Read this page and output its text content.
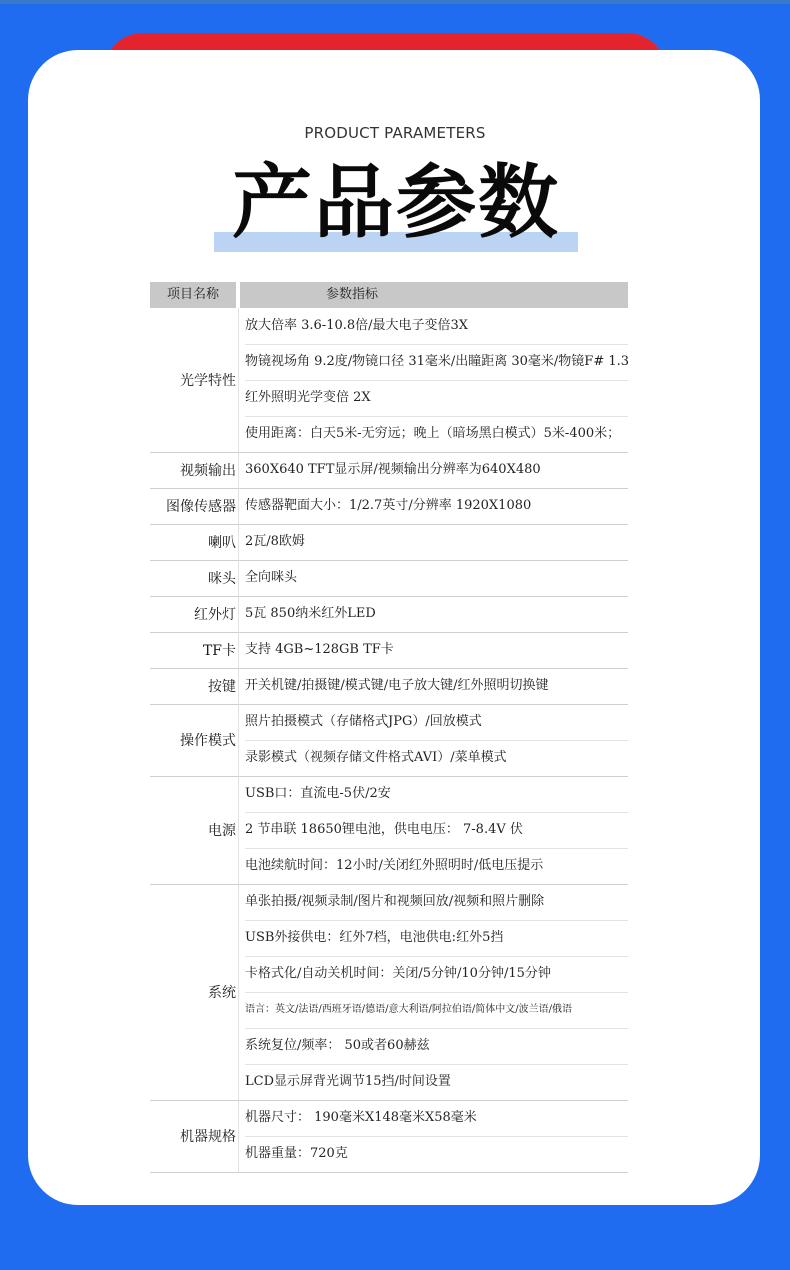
PRODUCT PARAMETERS
产品参数
项目名称	参数指标
光学特性
放大倍率 3.6-10.8倍/最大电子变倍3X
物镜视场角 9.2度/物镜口径 31毫米/出瞳距离 30毫米/物镜F# 1.3
红外照明光学变倍 2X
使用距离：白天5米-无穷远；晚上（暗场黑白模式）5米-400米；
视频输出 360X640 TFT显示屏/视频输出分辨率为640X480
图像传感器 传感器靶面大小：1/2.7英寸/分辨率 1920X1080
喇叭 2瓦/8欧姆
咪头 全向咪头
红外灯 5瓦 850纳米红外LED
TF卡 支持 4GB~128GB TF卡
按键 开关机键/拍摄键/模式键/电子放大键/红外照明切换键
操作模式
照片拍摄模式（存储格式JPG）/回放模式
录影模式（视频存储文件格式AVI）/菜单模式
电源
USB口：直流电-5伏/2安
2 节串联 18650锂电池，供电电压： 7-8.4V 伏
电池续航时间：12小时/关闭红外照明时/低电压提示
系统
单张拍摄/视频录制/图片和视频回放/视频和照片删除
USB外接供电：红外7档，电池供电:红外5挡
卡格式化/自动关机时间：关闭/5分钟/10分钟/15分钟
语言：英文/法语/西班牙语/德语/意大利语/阿拉伯语/简体中文/波兰语/俄语
系统复位/频率： 50或者60赫兹
LCD显示屏背光调节15挡/时间设置
机器规格
机器尺寸： 190毫米X148毫米X58毫米
机器重量：720克
